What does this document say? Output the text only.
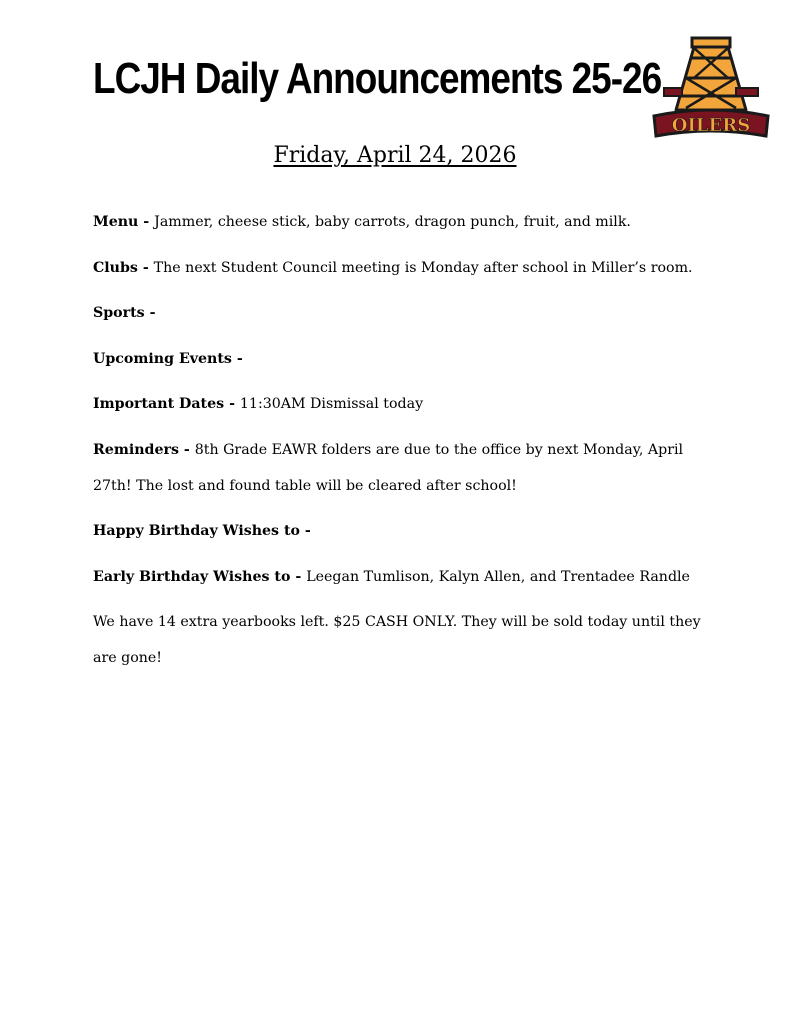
LCJH Daily Announcements 25-26
OILERS
Friday, April 24, 2026

Menu - Jammer, cheese stick, baby carrots, dragon punch, fruit, and milk.

Clubs - The next Student Council meeting is Monday after school in Miller’s room.

Sports -

Upcoming Events -

Important Dates - 11:30AM Dismissal today

Reminders - 8th Grade EAWR folders are due to the office by next Monday, April 27th! The lost and found table will be cleared after school!

Happy Birthday Wishes to -

Early Birthday Wishes to - Leegan Tumlison, Kalyn Allen, and Trentadee Randle

We have 14 extra yearbooks left. $25 CASH ONLY. They will be sold today until they are gone!
